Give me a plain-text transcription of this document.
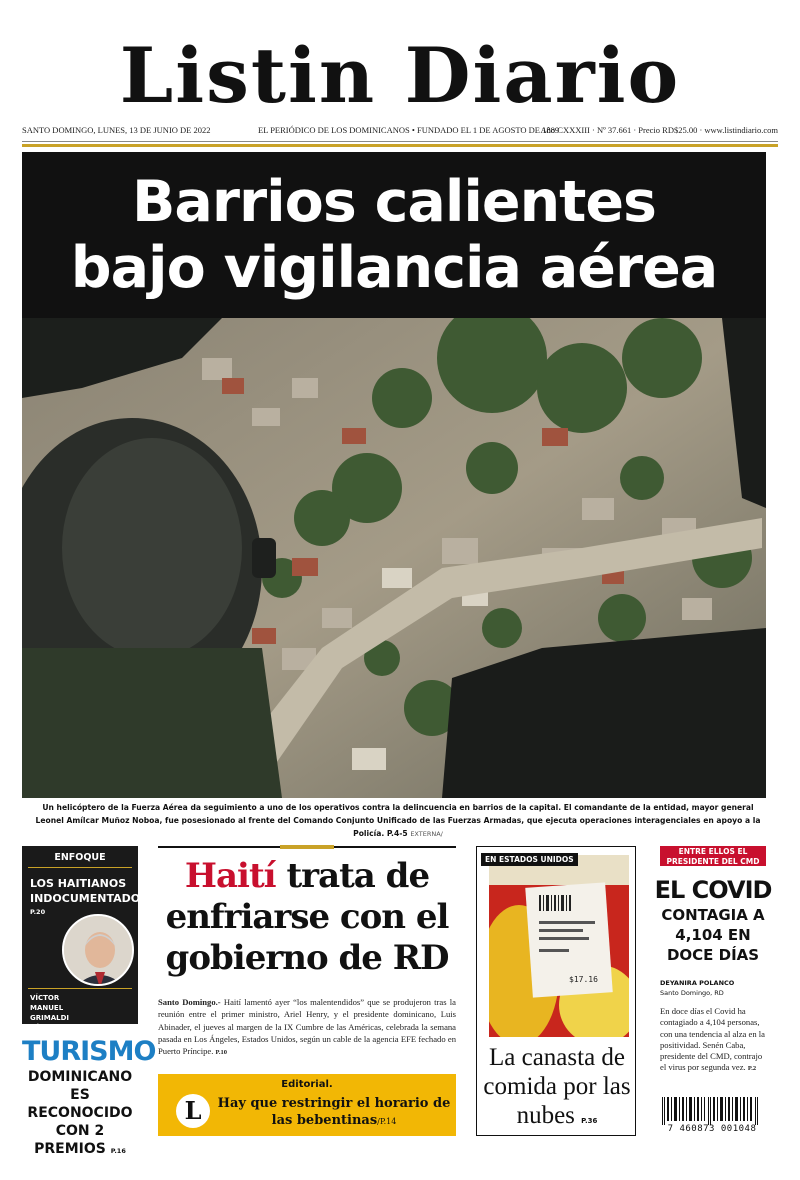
Listin Diario
SANTO DOMINGO, LUNES, 13 DE JUNIO DE 2022	EL PERIÓDICO DE LOS DOMINICANOS • FUNDADO EL 1 DE AGOSTO DE 1889
Año CXXXIII · Nº 37.661 · Precio RD$25.00 · www.listindiario.com
Barrios calientes
bajo vigilancia aérea
Un helicóptero de la Fuerza Aérea da seguimiento a uno de los operativos contra la delincuencia en barrios de la capital. El comandante de la entidad, mayor general Leonel Amílcar Muñoz Noboa, fue posesionado al frente del Comando Conjunto Unificado de las Fuerzas Armadas, que ejecuta operaciones interagenciales en apoyo a la Policía. P.4-5 EXTERNA/
ENFOQUE
LOS HAITIANOS INDOCUMENTADOS
P.20
VÍCTOR
MANUEL
GRIMALDI
CÉSPEDES
TURISMO
DOMINICANO
ES RECONOCIDO
CON 2 PREMIOS P.16
Haití trata de
enfriarse con el
gobierno de RD
Santo Domingo.- Haití lamentó ayer “los malentendidos” que se produjeron tras la reunión entre el primer ministro, Ariel Henry, y el presidente dominicano, Luis Abinader, el jueves al margen de la IX Cumbre de las Américas, celebrada la semana pasada en Los Ángeles, Estados Unidos, según un cable de la agencia EFE fechado en Puerto Príncipe. P.10
Editorial.
L	Hay que restringir el horario de las bebentinas/P.14
EN ESTADOS UNIDOS
$17.16
La canasta de comida por las nubes P.36
ENTRE ELLOS EL
PRESIDENTE DEL CMD
EL COVID
CONTAGIA A
4,104 EN
DOCE DÍAS
DEYANIRA POLANCO
Santo Domingo, RD
En doce días el Covid ha contagiado a 4,104 personas, con una tendencia al alza en la positividad. Senén Caba, presidente del CMD, contrajo el virus por segunda vez. P.2
7 460873 001048
